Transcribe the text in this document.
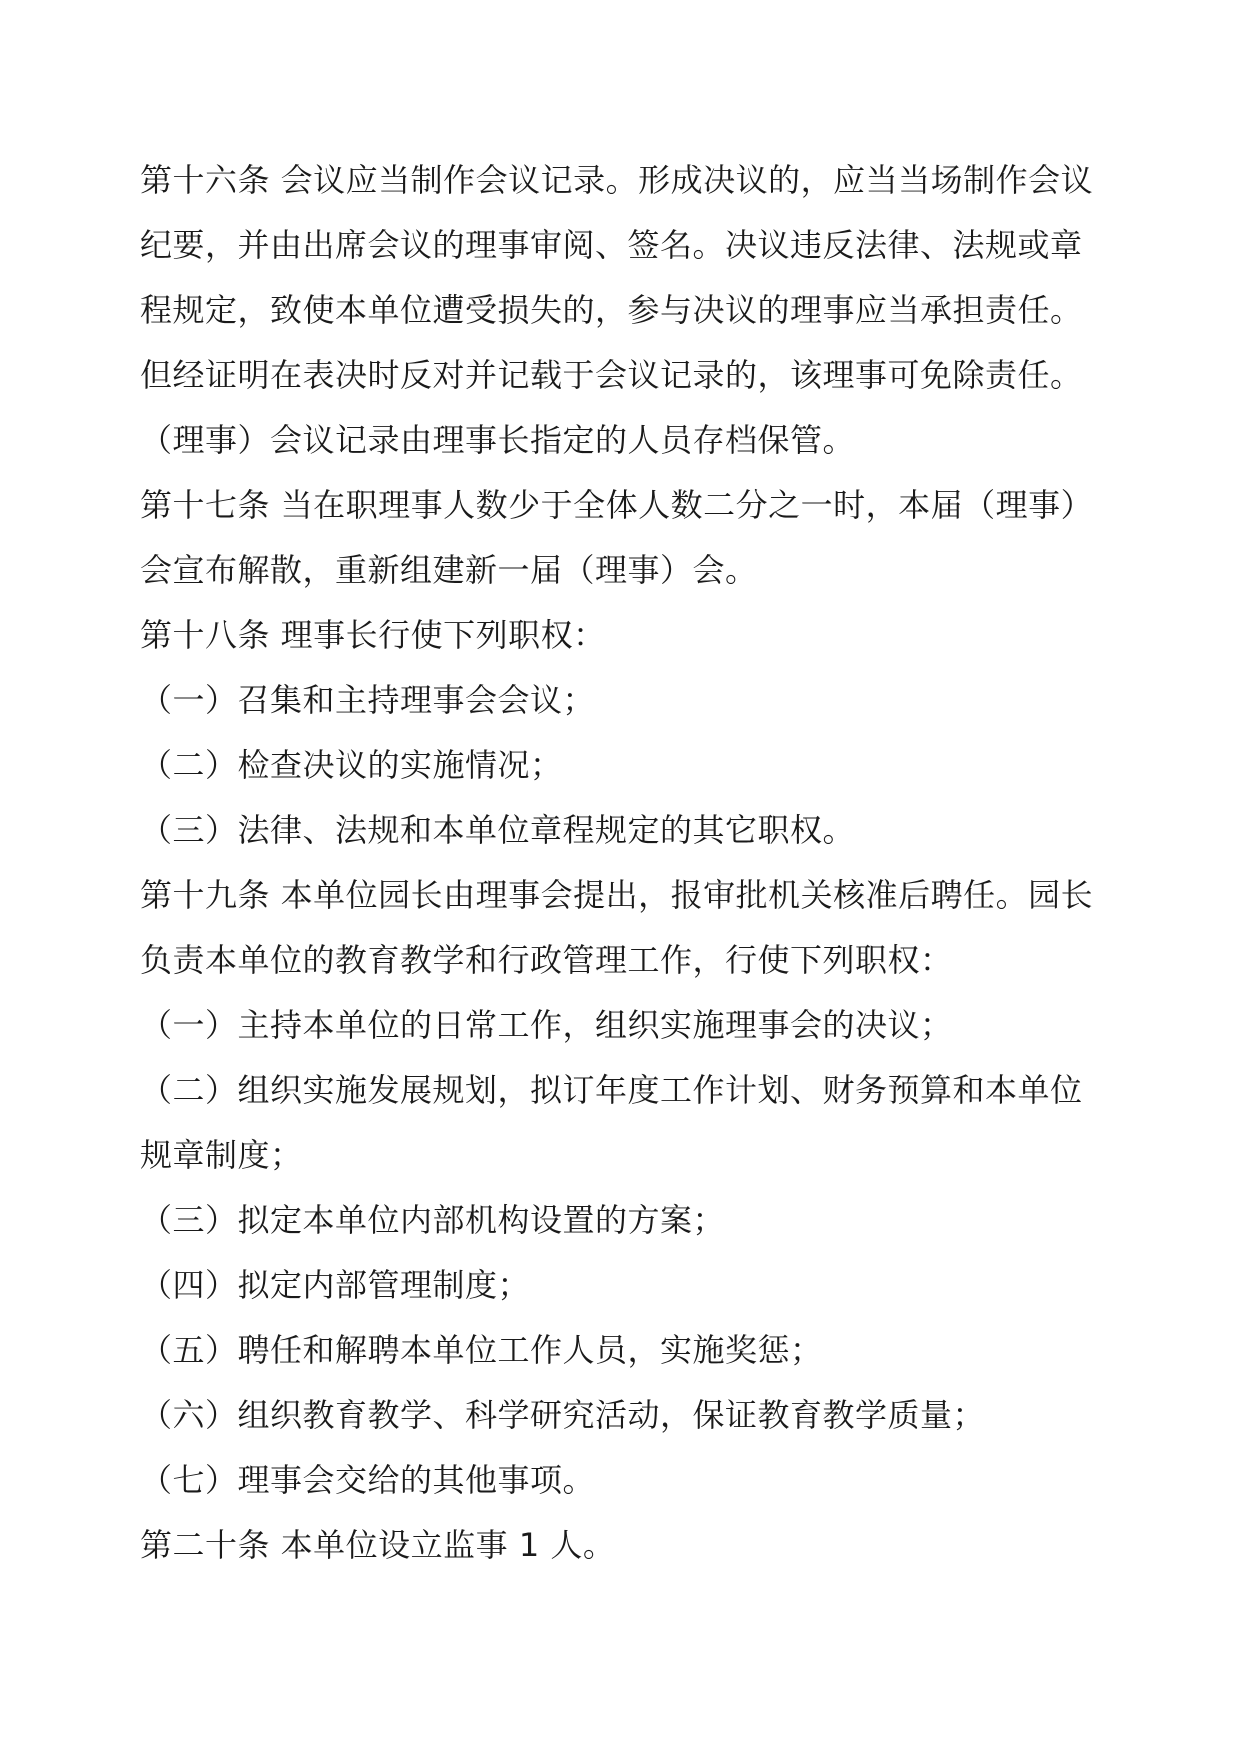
第十六条 会议应当制作会议记录。形成决议的，应当当场制作会议
纪要，并由出席会议的理事审阅、签名。决议违反法律、法规或章
程规定，致使本单位遭受损失的，参与决议的理事应当承担责任。
但经证明在表决时反对并记载于会议记录的，该理事可免除责任。
（理事）会议记录由理事长指定的人员存档保管。
第十七条 当在职理事人数少于全体人数二分之一时，本届（理事）
会宣布解散，重新组建新一届（理事）会。
第十八条 理事长行使下列职权：
（一）召集和主持理事会会议；
（二）检查决议的实施情况；
（三）法律、法规和本单位章程规定的其它职权。
第十九条 本单位园长由理事会提出，报审批机关核准后聘任。园长
负责本单位的教育教学和行政管理工作，行使下列职权：
（一）主持本单位的日常工作，组织实施理事会的决议；
（二）组织实施发展规划，拟订年度工作计划、财务预算和本单位
规章制度；
（三）拟定本单位内部机构设置的方案；
（四）拟定内部管理制度；
（五）聘任和解聘本单位工作人员，实施奖惩；
（六）组织教育教学、科学研究活动，保证教育教学质量；
（七）理事会交给的其他事项。
第二十条 本单位设立监事 1 人。
